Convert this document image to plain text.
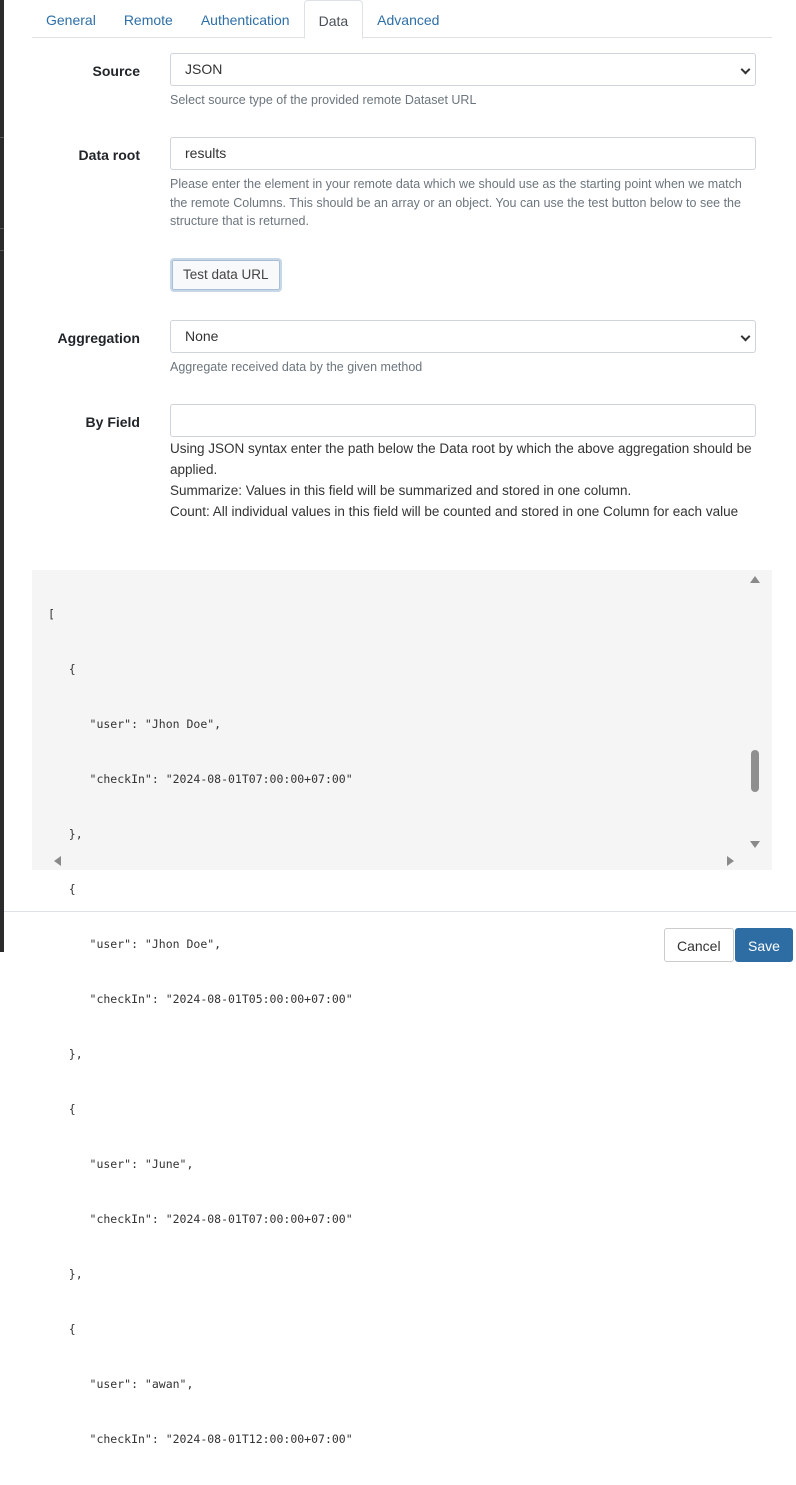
General	Remote	Authentication	Data	Advanced
Source	JSON
Select source type of the provided remote Dataset URL
Data root	results
Please enter the element in your remote data which we should use as the starting point when we match the remote Columns. This should be an array or an object. You can use the test button below to see the structure that is returned.
Test data URL
Aggregation	None
Aggregate received data by the given method
By Field
Using JSON syntax enter the path below the Data root by which the above aggregation should be applied.
Summarize: Values in this field will be summarized and stored in one column.
Count: All individual values in this field will be counted and stored in one Column for each value

[

{

"user": "Jhon Doe",

"checkIn": "2024-08-01T07:00:00+07:00"

},

{

"user": "Jhon Doe",

"checkIn": "2024-08-01T05:00:00+07:00"

},

{

"user": "June",

"checkIn": "2024-08-01T07:00:00+07:00"

},

{

"user": "awan",

"checkIn": "2024-08-01T12:00:00+07:00"

Cancel	Save
